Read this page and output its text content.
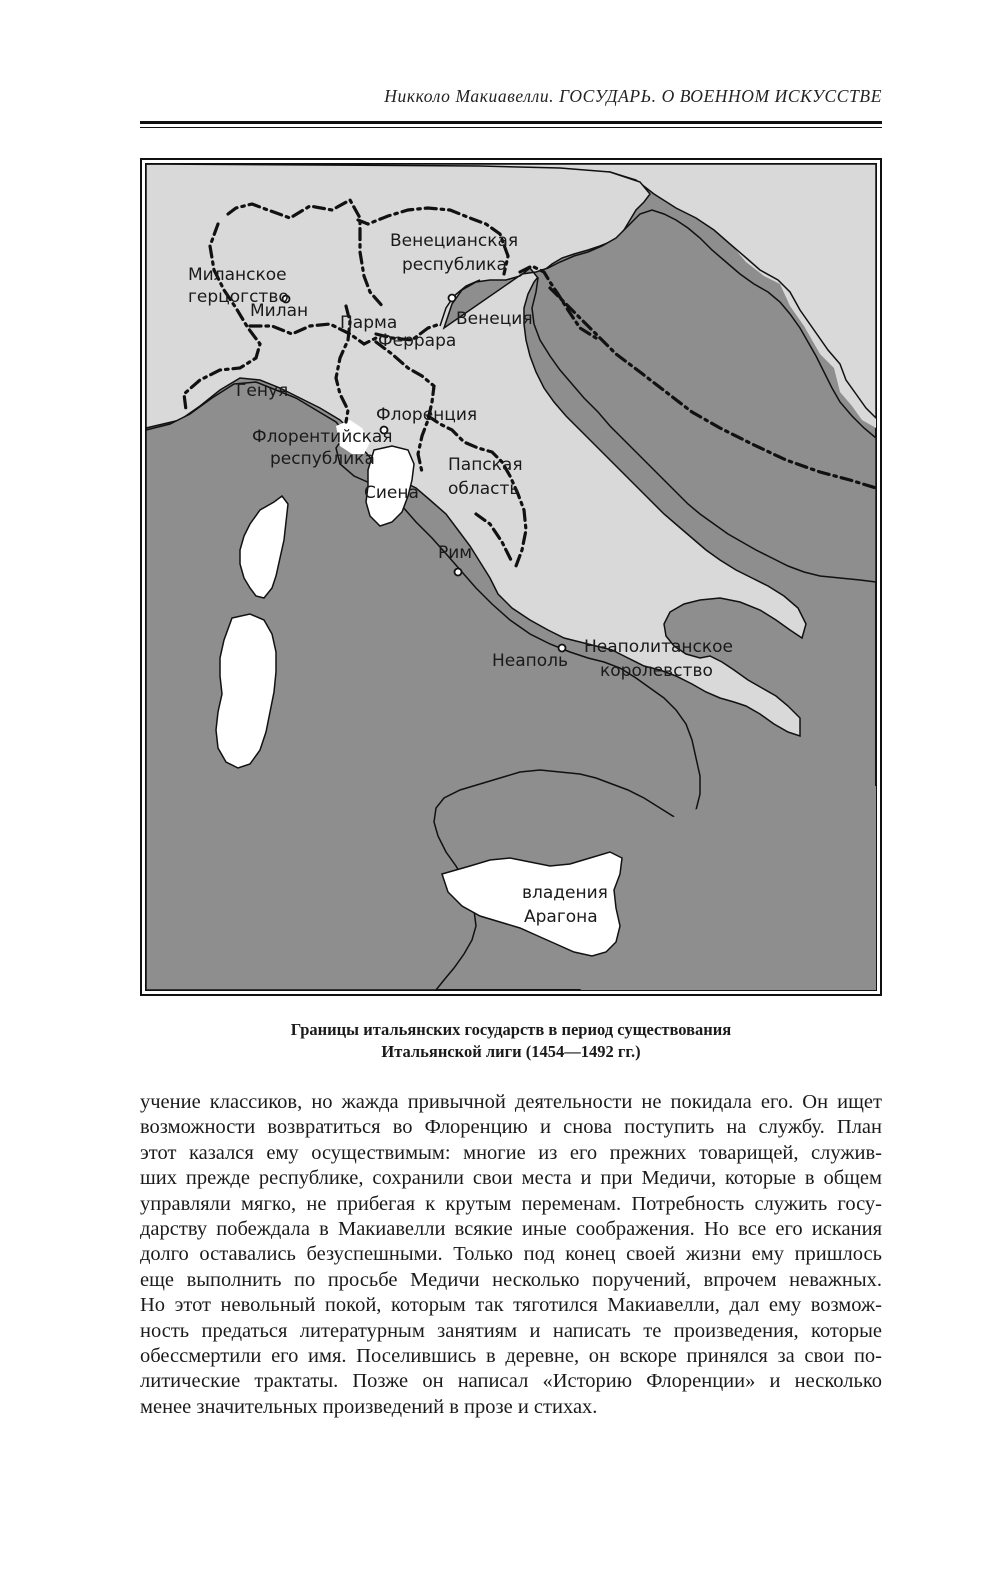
Никколо Макиавелли. ГОСУДАРЬ. О ВОЕННОМ ИСКУССТВЕ
Миланское
герцогство
Милан
Венецианская
республика
Венеция
Парма
Феррара
Генуя
Флоренция
Флорентийская
республика
Сиена
Папская
область
Рим
Неаполь
Неаполитанское
королевство
владения
Арагона
Границы итальянских государств в период существования
Итальянской лиги (1454—1492 гг.)
учение классиков, но жажда привычной деятельности не покидала его. Он ищет
возможности возвратиться во Флоренцию и снова поступить на службу. План
этот казался ему осуществимым: многие из его прежних товарищей, служив-
ших прежде республике, сохранили свои места и при Медичи, которые в общем
управляли мягко, не прибегая к крутым переменам. Потребность служить госу-
дарству побеждала в Макиавелли всякие иные соображения. Но все его искания
долго оставались безуспешными. Только под конец своей жизни ему пришлось
еще выполнить по просьбе Медичи несколько поручений, впрочем неважных.
Но этот невольный покой, которым так тяготился Макиавелли, дал ему возмож-
ность предаться литературным занятиям и написать те произведения, которые
обессмертили его имя. Поселившись в деревне, он вскоре принялся за свои по-
литические трактаты. Позже он написал «Историю Флоренции» и несколько
менее значительных произведений в прозе и стихах.
